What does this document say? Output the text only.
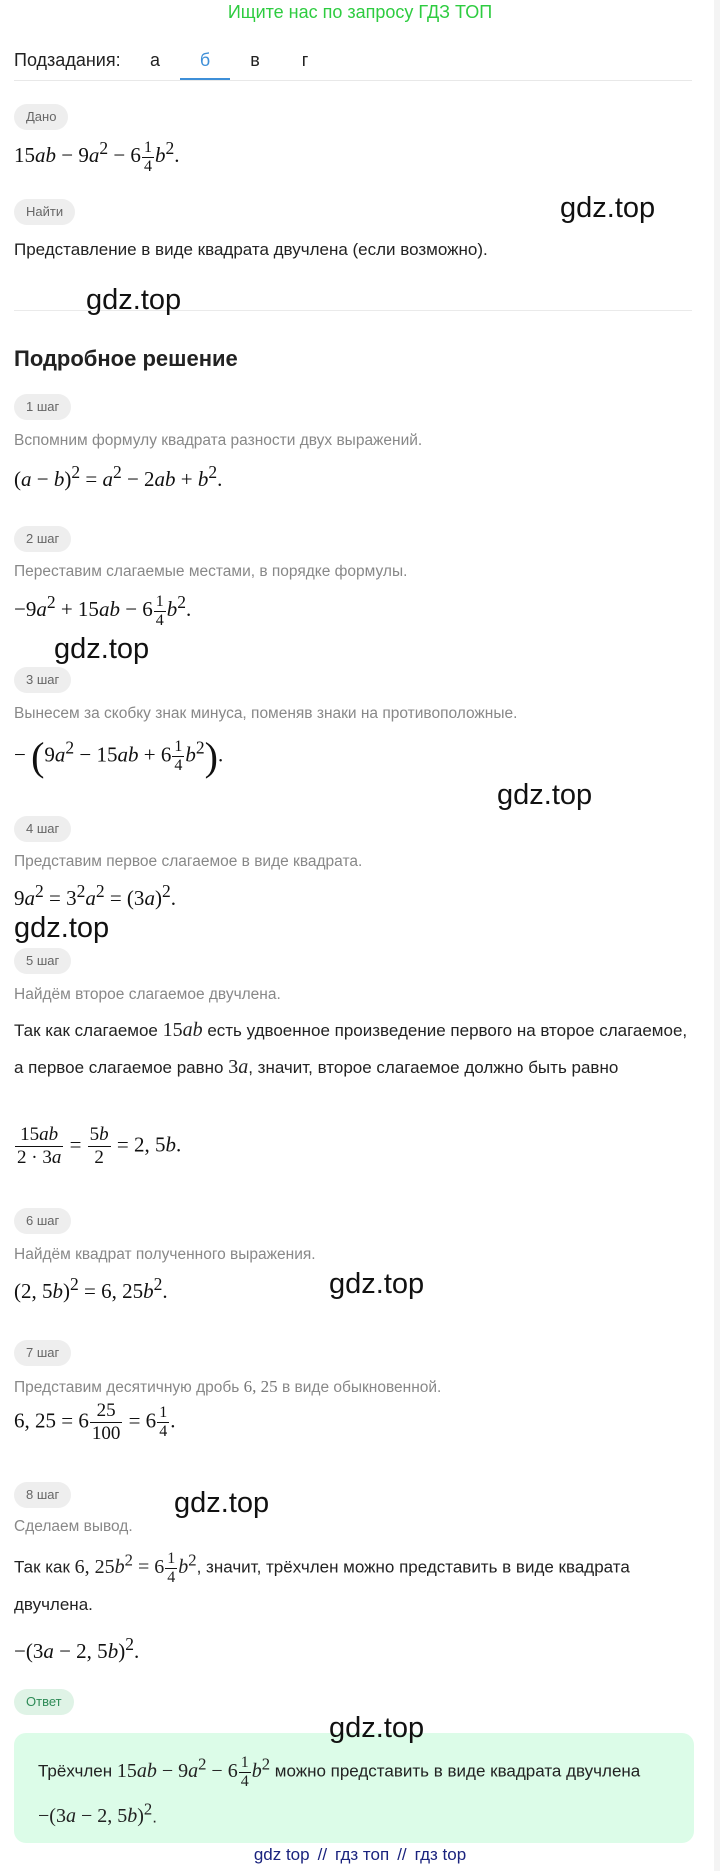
Ищите нас по запросу ГДЗ ТОП
Подзадания:	а	б	в	г
Дано
$15ab - 9a^2 - 6 \frac{1}{4} b^2$.
Найти
Представление в виде квадрата двучлена (если возможно).
Подробное решение
1 шаг
Вспомним формулу квадрата разности двух выражений.
$(a - b)^2 = a^2 - 2ab + b^2$.
2 шаг
Переставим слагаемые местами, в порядке формулы.
$-9a^2 + 15ab - 6 \frac{1}{4} b^2$.
3 шаг
Вынесем за скобку знак минуса, поменяв знаки на противоположные.
− $(9a^2 - 15ab + 6 \frac{1}{4} b^2)$.
4 шаг
Представим первое слагаемое в виде квадрата.
$9a^2 = 3^2a^2 = (3a)^2$.
5 шаг
Найдём второе слагаемое двучлена.
Так как слагаемое 15ab есть удвоенное произведение первого на второе слагаемое, а первое слагаемое равно 3a, значит, второе слагаемое должно быть равно
$\frac{15ab}{2 \cdot 3a} = \frac{5b}{2} = 2$, 5b.
6 шаг
Найдём квадрат полученного выражения.
(2, 5b)$^2$ = 6, $25b^2$.
7 шаг
Представим десятичную дробь 6, 25 в виде обыкновенной.
6, $25 = 6 \frac{25}{100} = 6 \frac{1}{4}$ .
8 шаг
Сделаем вывод.
Так как 6, $25b^2 = 6 \frac{1}{4} b^2$, значит, трёхчлен можно представить в виде квадрата двучлена.
−(3a − 2, 5b)$^2$.
Ответ
Трёхчлен $15ab - 9a^2 - 6 \frac{1}{4} b^2$ можно представить в виде квадрата двучлена −(3a − 2, 5b)$^2$.
gdz.top
gdz.top
gdz.top
gdz.top
gdz.top
gdz.top
gdz.top
gdz.top
gdz top // гдз топ // гдз top
